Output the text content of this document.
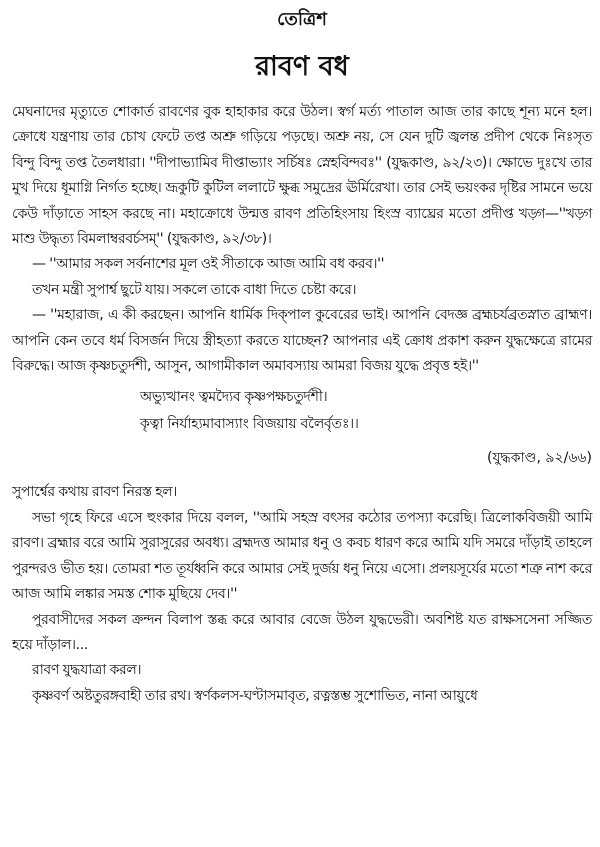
তেত্রিশ
রাবণ বধ

মেঘনাদের মৃত্যুতে শোকার্ত রাবণের বুক হাহাকার করে উঠল। স্বর্গ মর্ত্য পাতাল আজ তার কাছে শূন্য মনে হল। ক্রোধে যন্ত্রণায় তার চোখ ফেটে তপ্ত অশ্রু গড়িয়ে পড়ছে। অশ্রু নয়, সে যেন দুটি জ্বলন্ত প্রদীপ থেকে নিঃসৃত বিন্দু বিন্দু তপ্ত তৈলধারা। ''দীপাভ্যামিব দীপ্তাভ্যাং সর্চিষঃ স্নেহবিন্দবঃ'' (যুদ্ধকাণ্ড, ৯২/২৩)। ক্ষোভে দুঃখে তার মুখ দিয়ে ধূমাগ্নি নির্গত হচ্ছে। ভ্রূকুটি কুটিল ললাটে ক্ষুব্ধ সমুদ্রের ঊর্মিরেখা। তার সেই ভয়ংকর দৃষ্টির সামনে ভয়ে কেউ দাঁড়াতে সাহস করছে না। মহাক্রোধে উন্মত্ত রাবণ প্রতিহিংসায় হিংস্র ব্যাঘ্রের মতো প্রদীপ্ত খড়্গ—''খড়্গ মাশু উদ্ধৃত্য বিমলাম্বরবর্চসম্'' (যুদ্ধকাণ্ড, ৯২/৩৮)।

— ''আমার সকল সর্বনাশের মূল ওই সীতাকে আজ আমি বধ করব।''

তখন মন্ত্রী সুপার্শ্ব ছুটে যায়। সকলে তাকে বাধা দিতে চেষ্টা করে।

— ''মহারাজ, এ কী করছেন। আপনি ধার্মিক দিক্পাল কুবেরের ভাই। আপনি বেদজ্ঞ ব্রহ্মচর্যব্রতস্নাত ব্রাহ্মণ। আপনি কেন তবে ধর্ম বিসর্জন দিয়ে স্ত্রীহত্যা করতে যাচ্ছেন? আপনার এই ক্রোধ প্রকাশ করুন যুদ্ধক্ষেত্রে রামের বিরুদ্ধে। আজ কৃষ্ণচতুর্দশী, আসুন, আগামীকাল অমাবস্যায় আমরা বিজয় যুদ্ধে প্রবৃত্ত হই।''

অভ্যুত্থানং ত্বমদ্যৈব কৃষ্ণপক্ষচতুর্দশী।

কৃত্বা নির্যাহ্যমাবাস্যাং বিজয়ায় বলৈর্বৃতঃ।।

(যুদ্ধকাণ্ড, ৯২/৬৬)

সুপার্শ্বের কথায় রাবণ নিরস্ত হল।

সভা গৃহে ফিরে এসে হুংকার দিয়ে বলল, ''আমি সহস্র বৎসর কঠোর তপস্যা করেছি। ত্রিলোকবিজয়ী আমি রাবণ। ব্রহ্মার বরে আমি সুরাসুরের অবধ্য। ব্রহ্মদত্ত আমার ধনু ও কবচ ধারণ করে আমি যদি সমরে দাঁড়াই তাহলে পুরন্দরও ভীত হয়। তোমরা শত তূর্যধ্বনি করে আমার সেই দুর্জয় ধনু নিয়ে এসো। প্রলয়সূর্যের মতো শত্রু নাশ করে আজ আমি লঙ্কার সমস্ত শোক মুছিয়ে দেব।''

পুরবাসীদের সকল ক্রন্দন বিলাপ স্তব্ধ করে আবার বেজে উঠল যুদ্ধভেরী। অবশিষ্ট যত রাক্ষসসেনা সজ্জিত হয়ে দাঁড়াল।...

রাবণ যুদ্ধযাত্রা করল।

কৃষ্ণবর্ণ অষ্টতুরঙ্গবাহী তার রথ। স্বর্ণকলস-ঘণ্টাসমাবৃত, রত্নস্তম্ভ সুশোভিত, নানা আয়ুধে
